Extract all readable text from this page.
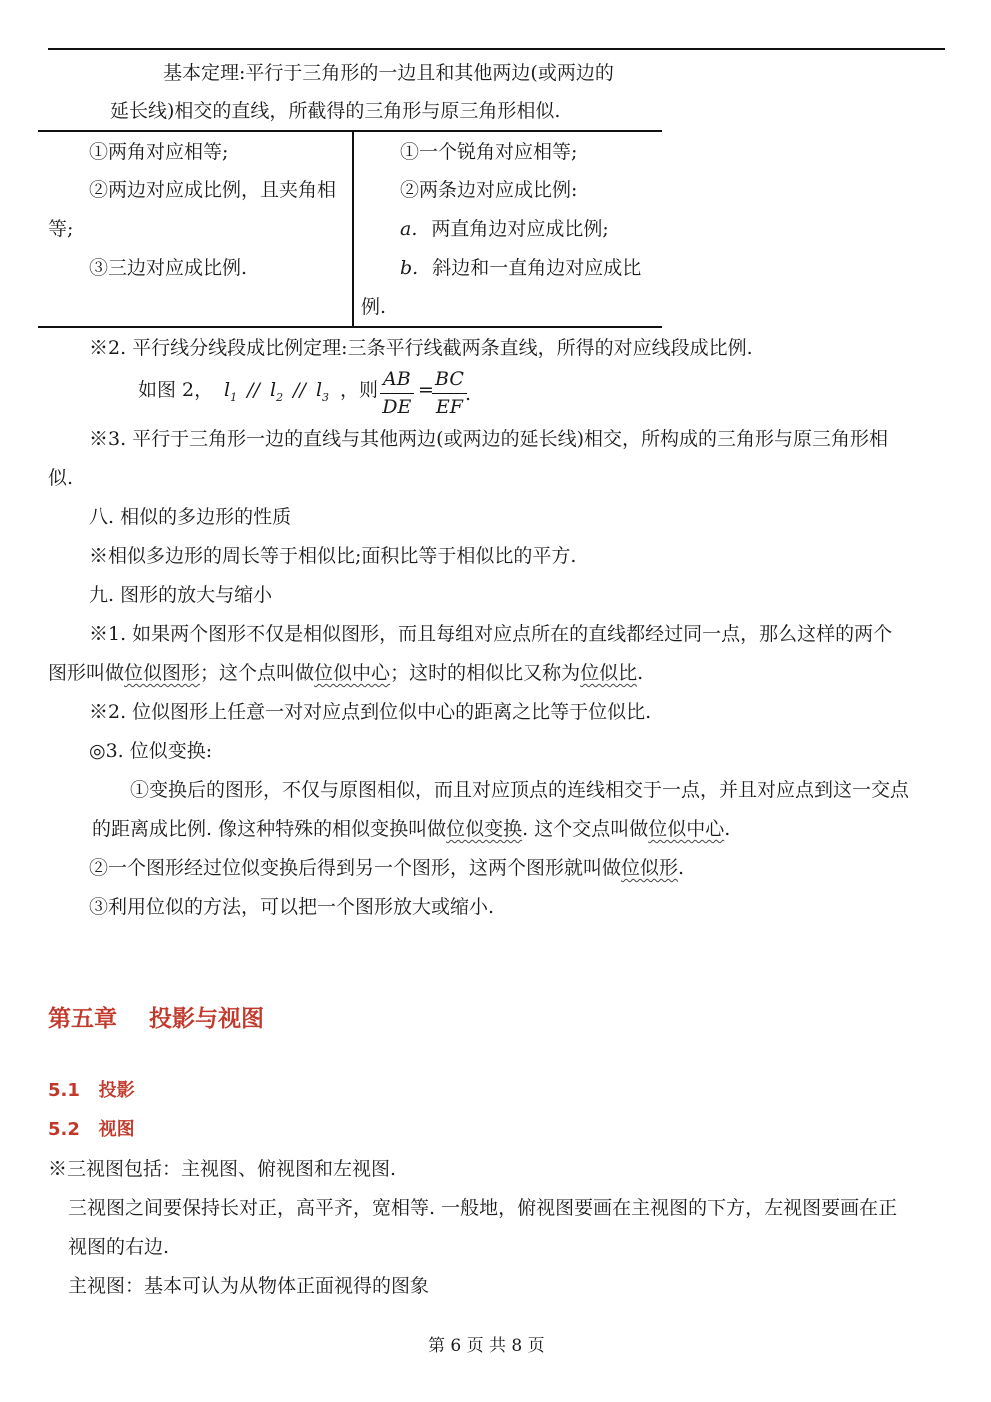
基本定理:平行于三角形的一边且和其他两边(或两边的
延长线)相交的直线，所截得的三角形与原三角形相似.
①两角对应相等;
②两边对应成比例，且夹角相
等;
③三边对应成比例.
①一个锐角对应相等;
②两条边对应成比例:
a. 两直角边对应成比例;
b. 斜边和一直角边对应成比
例.
※2. 平行线分线段成比例定理:三条平行线截两条直线，所得的对应线段成比例.
如图 2， $l_1 // l_2 // l_3$ ，则 $\frac{AB}{DE}$ =
$\frac{BC}{EF}$
.
※3. 平行于三角形一边的直线与其他两边(或两边的延长线)相交，所构成的三角形与原三角形相
似.
八. 相似的多边形的性质
※相似多边形的周长等于相似比;面积比等于相似比的平方.
九. 图形的放大与缩小
※1. 如果两个图形不仅是相似图形，而且每组对应点所在的直线都经过同一点，那么这样的两个
图形叫做位似图形；这个点叫做位似中心；这时的相似比又称为位似比.
※2. 位似图形上任意一对对应点到位似中心的距离之比等于位似比.
◎3. 位似变换:
①变换后的图形，不仅与原图相似，而且对应顶点的连线相交于一点，并且对应点到这一交点
的距离成比例. 像这种特殊的相似变换叫做位似变换. 这个交点叫做位似中心.
②一个图形经过位似变换后得到另一个图形，这两个图形就叫做位似形.
③利用位似的方法，可以把一个图形放大或缩小.
第五章    投影与视图
5.1   投影
5.2   视图
※三视图包括：主视图、俯视图和左视图.
三视图之间要保持长对正，高平齐，宽相等. 一般地，俯视图要画在主视图的下方，左视图要画在正
视图的右边.
主视图：基本可认为从物体正面视得的图象
第 6 页 共 8 页
